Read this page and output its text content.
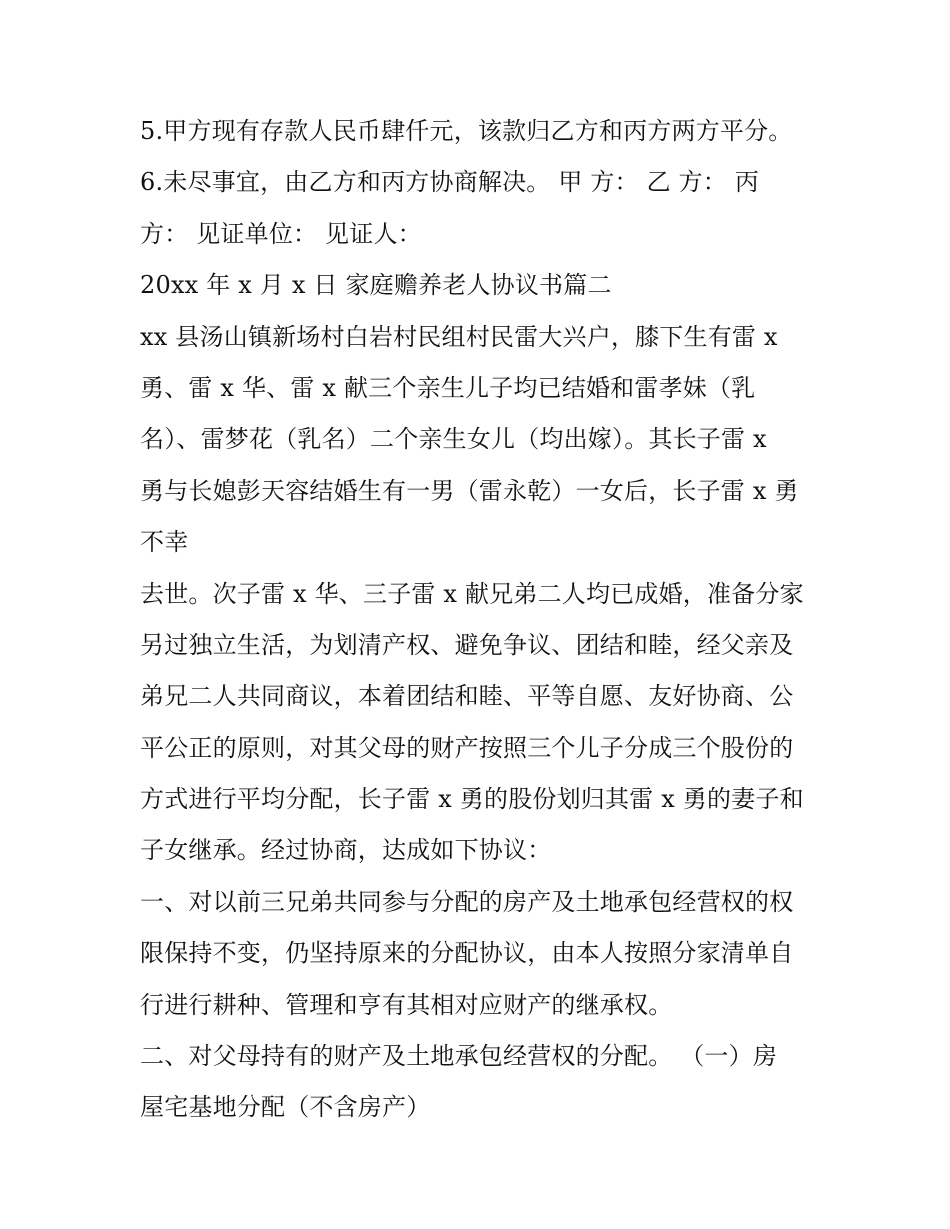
5.甲方现有存款人民币肆仟元，该款归乙方和丙方两方平分。
6.未尽事宜，由乙方和丙方协商解决。 甲 方： 乙 方： 丙
方： 见证单位： 见证人：
20xx 年 x 月 x 日 家庭赡养老人协议书篇二
xx 县汤山镇新场村白岩村民组村民雷大兴户，膝下生有雷 x
勇、雷 x 华、雷 x 献三个亲生儿子均已结婚和雷孝妹（乳
名）、雷梦花（乳名）二个亲生女儿（均出嫁）。其长子雷 x
勇与长媳彭天容结婚生有一男（雷永乾）一女后，长子雷 x 勇
不幸
去世。次子雷 x 华、三子雷 x 献兄弟二人均已成婚，准备分家
另过独立生活，为划清产权、避免争议、团结和睦，经父亲及
弟兄二人共同商议，本着团结和睦、平等自愿、友好协商、公
平公正的原则，对其父母的财产按照三个儿子分成三个股份的
方式进行平均分配，长子雷 x 勇的股份划归其雷 x 勇的妻子和
子女继承。经过协商，达成如下协议：
一、对以前三兄弟共同参与分配的房产及土地承包经营权的权
限保持不变，仍坚持原来的分配协议，由本人按照分家清单自
行进行耕种、管理和亨有其相对应财产的继承权。
二、对父母持有的财产及土地承包经营权的分配。 （一）房
屋宅基地分配（不含房产）
